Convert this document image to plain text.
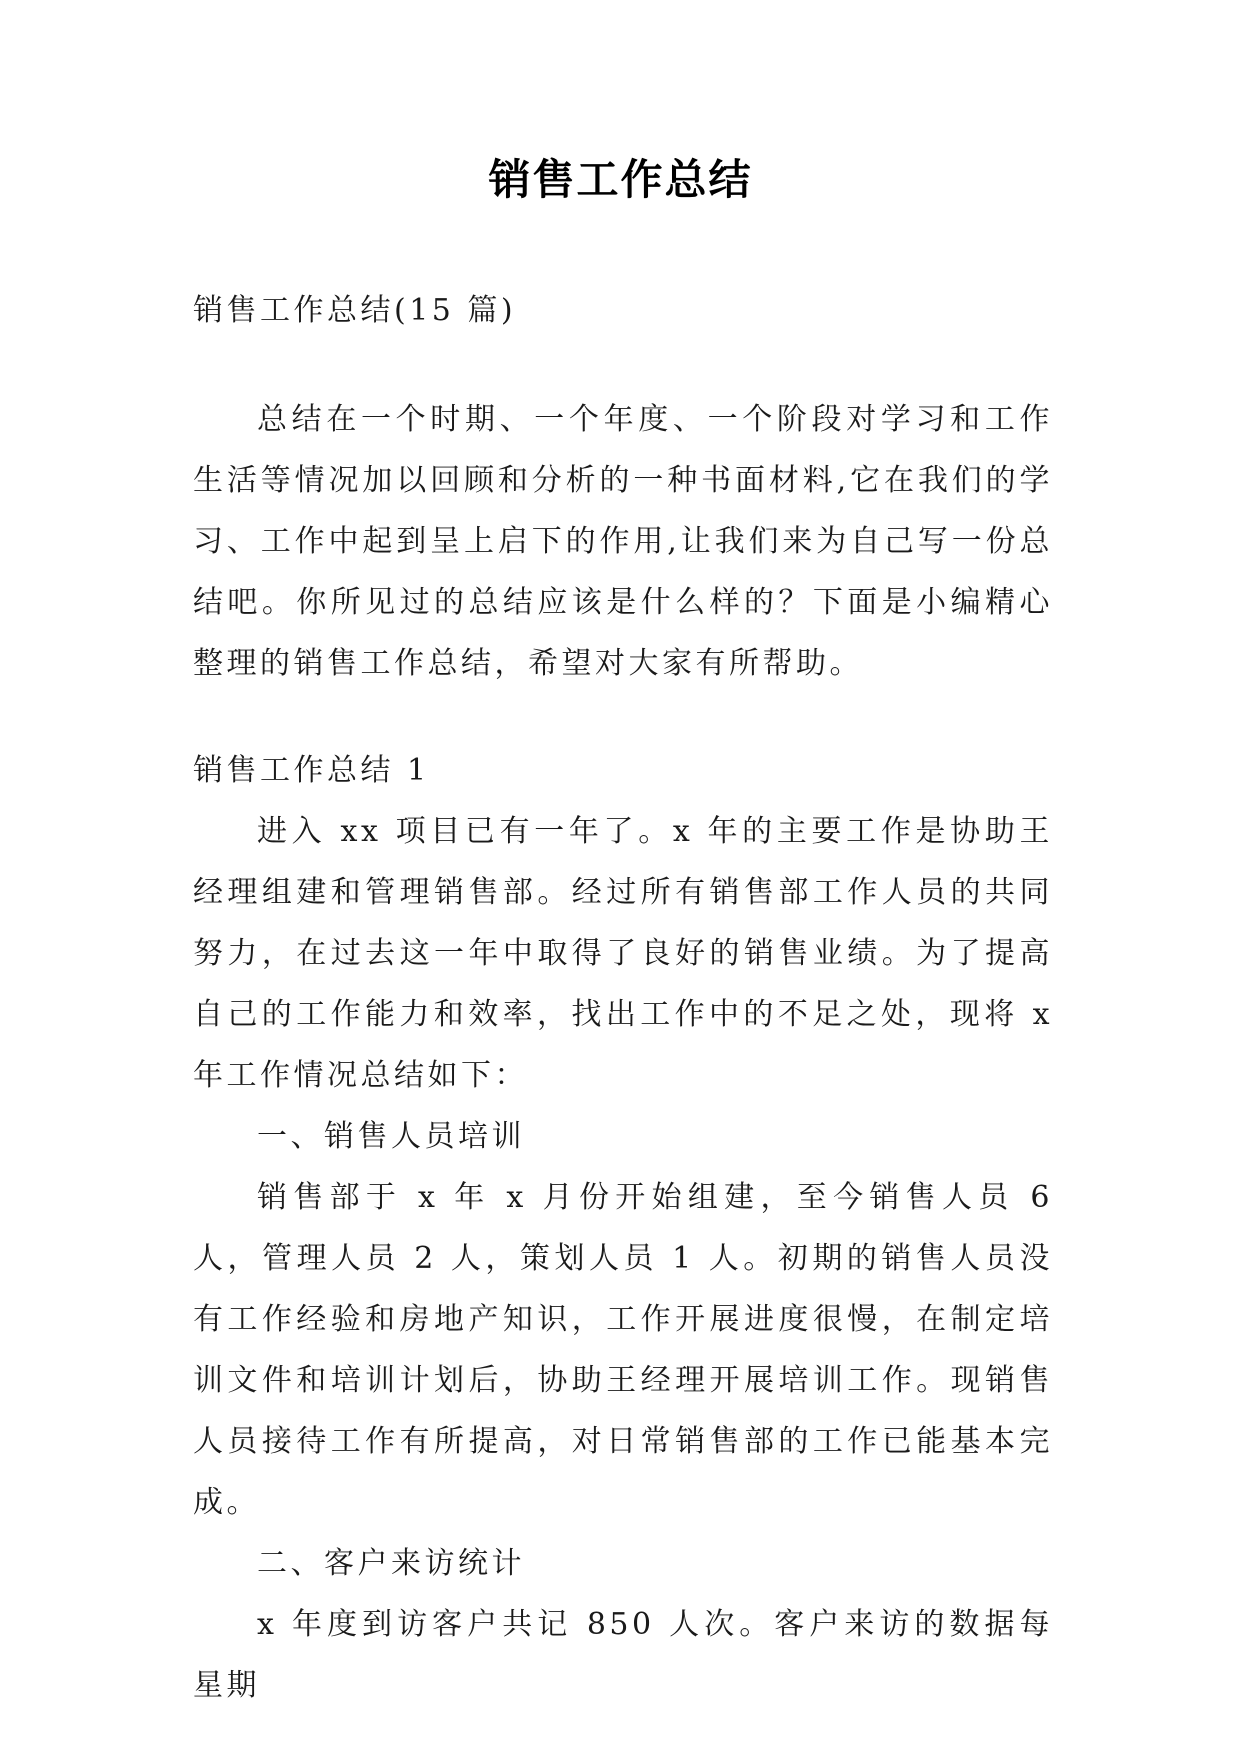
销售工作总结

销售工作总结(15 篇)

总结在一个时期、一个年度、一个阶段对学习和工作生活等情况加以回顾和分析的一种书面材料,它在我们的学习、工作中起到呈上启下的作用,让我们来为自己写一份总结吧。你所见过的总结应该是什么样的？下面是小编精心整理的销售工作总结，希望对大家有所帮助。

销售工作总结 1

进入 xx 项目已有一年了。x 年的主要工作是协助王经理组建和管理销售部。经过所有销售部工作人员的共同努力，在过去这一年中取得了良好的销售业绩。为了提高自己的工作能力和效率，找出工作中的不足之处，现将 x 年工作情况总结如下：

一、销售人员培训

销售部于 x 年 x 月份开始组建，至今销售人员 6 人，管理人员 2 人，策划人员 1 人。初期的销售人员没有工作经验和房地产知识，工作开展进度很慢，在制定培训文件和培训计划后，协助王经理开展培训工作。现销售人员接待工作有所提高，对日常销售部的工作已能基本完成。

二、客户来访统计

x 年度到访客户共记 850 人次。客户来访的数据每星期
